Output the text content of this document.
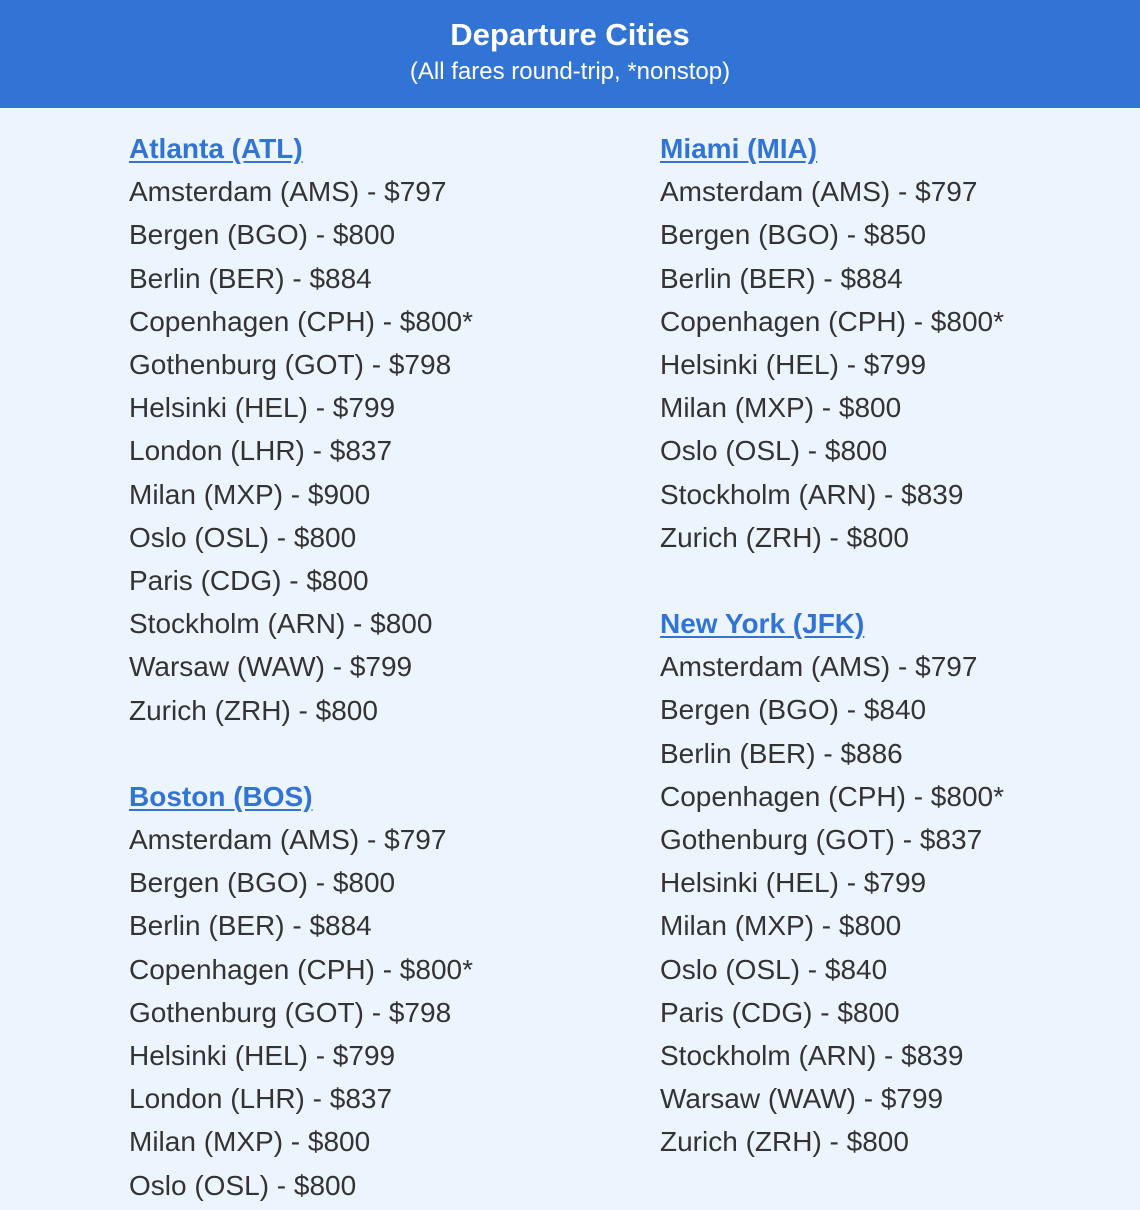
Departure Cities
(All fares round-trip, *nonstop)
Atlanta (ATL)
Amsterdam (AMS) - $797
Bergen (BGO) - $800
Berlin (BER) - $884
Copenhagen (CPH) - $800*
Gothenburg (GOT) - $798
Helsinki (HEL) - $799
London (LHR) - $837
Milan (MXP) - $900
Oslo (OSL) - $800
Paris (CDG) - $800
Stockholm (ARN) - $800
Warsaw (WAW) - $799
Zurich (ZRH) - $800
Boston (BOS)
Amsterdam (AMS) - $797
Bergen (BGO) - $800
Berlin (BER) - $884
Copenhagen (CPH) - $800*
Gothenburg (GOT) - $798
Helsinki (HEL) - $799
London (LHR) - $837
Milan (MXP) - $800
Oslo (OSL) - $800
Miami (MIA)
Amsterdam (AMS) - $797
Bergen (BGO) - $850
Berlin (BER) - $884
Copenhagen (CPH) - $800*
Helsinki (HEL) - $799
Milan (MXP) - $800
Oslo (OSL) - $800
Stockholm (ARN) - $839
Zurich (ZRH) - $800
New York (JFK)
Amsterdam (AMS) - $797
Bergen (BGO) - $840
Berlin (BER) - $886
Copenhagen (CPH) - $800*
Gothenburg (GOT) - $837
Helsinki (HEL) - $799
Milan (MXP) - $800
Oslo (OSL) - $840
Paris (CDG) - $800
Stockholm (ARN) - $839
Warsaw (WAW) - $799
Zurich (ZRH) - $800
